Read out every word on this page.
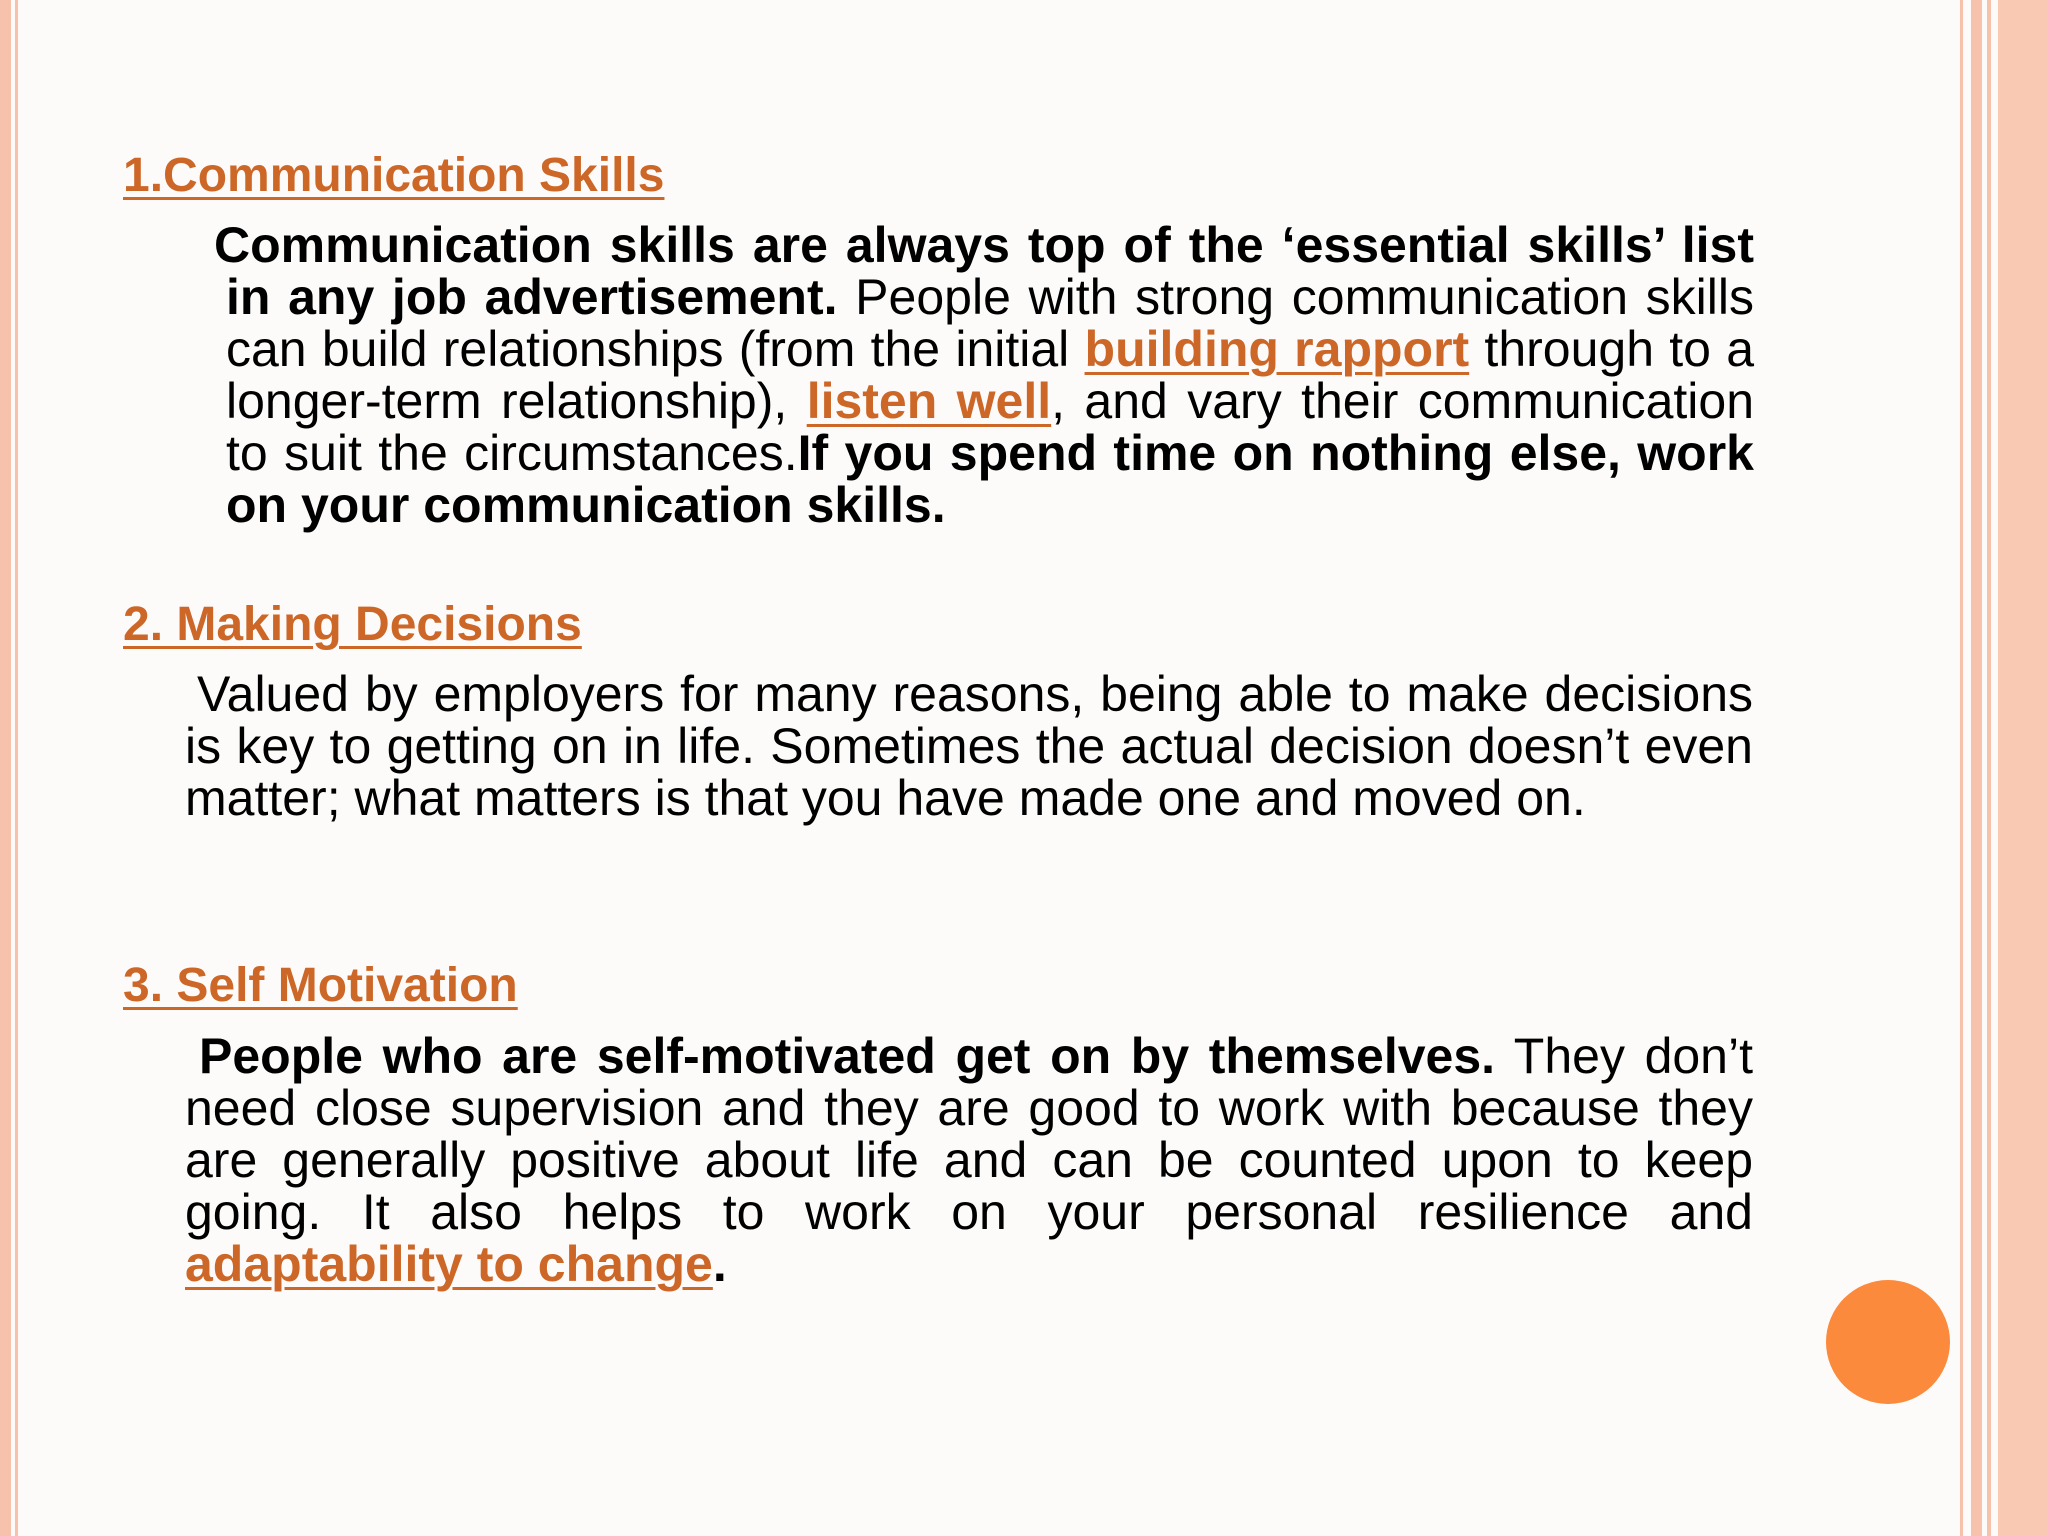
1.Communication Skills

Communication skills are always top of the ‘essential skills’ list in any job advertisement. People with strong communication skills can build relationships (from the initial building rapport through to a longer-term relationship), listen well, and vary their communication to suit the circumstances.If you spend time on nothing else, work on your communication skills.

2. Making Decisions

Valued by employers for many reasons, being able to make decisions is key to getting on in life. Sometimes the actual decision doesn’t even matter; what matters is that you have made one and moved on.

3. Self Motivation

People who are self-motivated get on by themselves. They don’t need close supervision and they are good to work with because they are generally positive about life and can be counted upon to keep going. It also helps to work on your personal resilience and adaptability to change.
